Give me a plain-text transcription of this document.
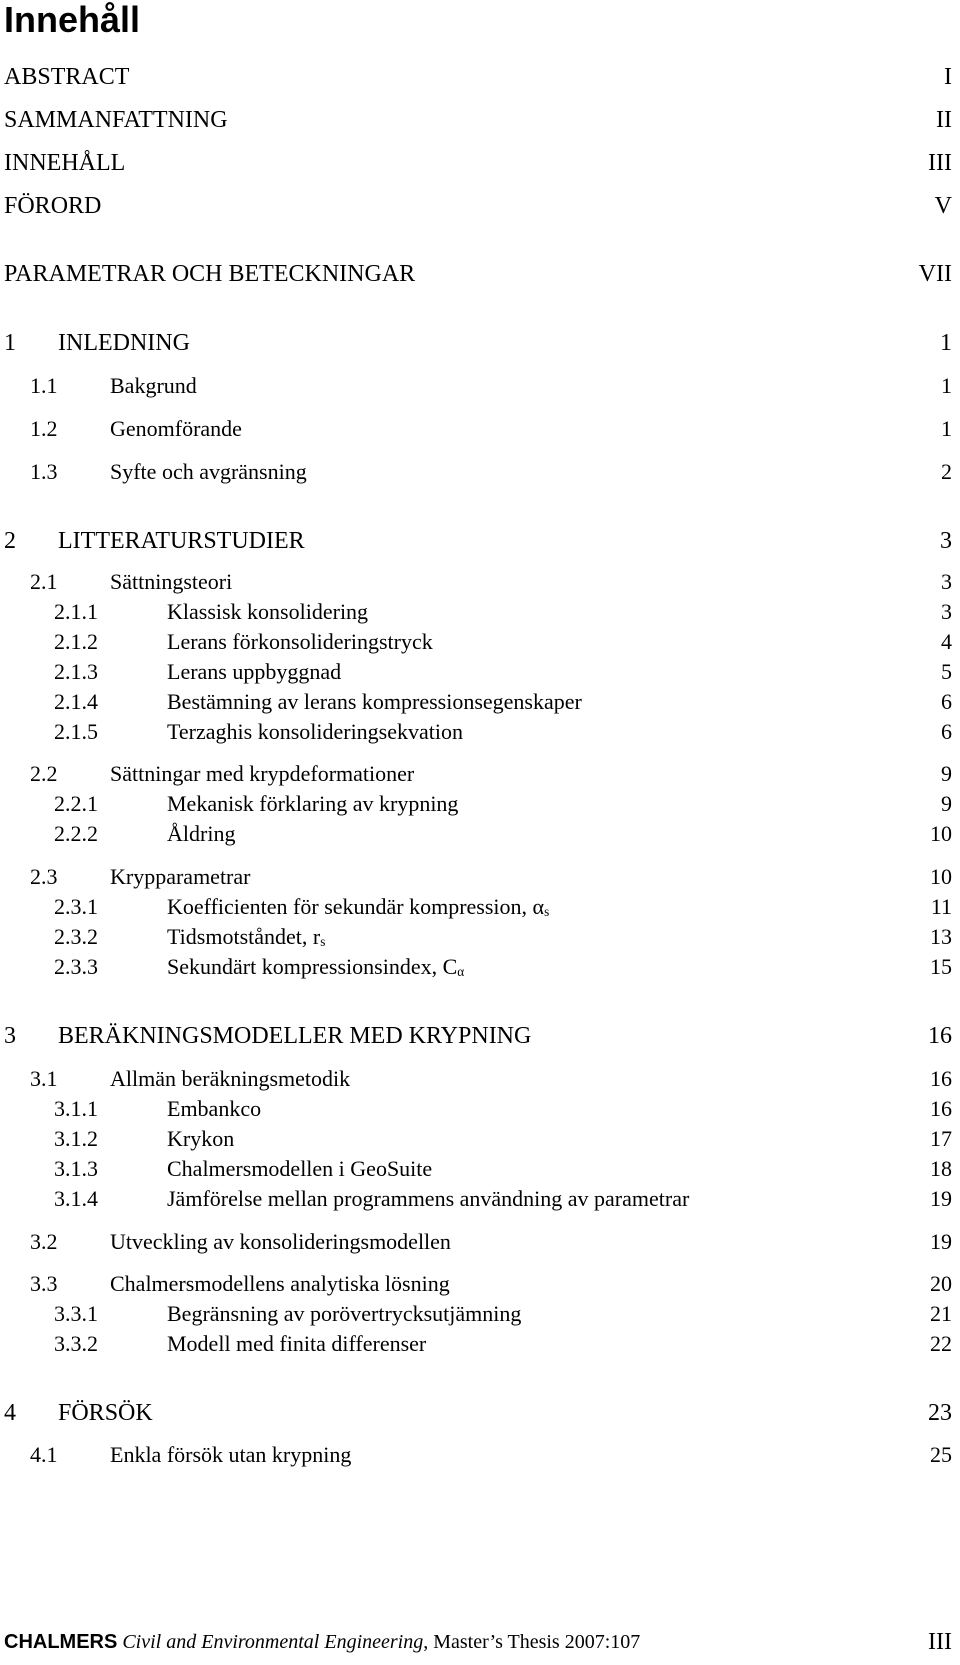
Innehåll
ABSTRACT	I
SAMMANFATTNING	II
INNEHÅLL	III
FÖRORD	V
PARAMETRAR OCH BETECKNINGAR	VII
1 INLEDNING	1
1.1 Bakgrund	1
1.2 Genomförande	1
1.3 Syfte och avgränsning	2
2 LITTERATURSTUDIER	3
2.1 Sättningsteori	3
2.1.1	Klassisk konsolidering	3
2.1.2	Lerans förkonsolideringstryck	4
2.1.3	Lerans uppbyggnad	5
2.1.4	Bestämning av lerans kompressionsegenskaper	6
2.1.5	Terzaghis konsolideringsekvation	6
2.2 Sättningar med krypdeformationer	9
2.2.1	Mekanisk förklaring av krypning	9
2.2.2	Åldring	10
2.3 Krypparametrar	10
2.3.1	Koefficienten för sekundär kompression, $\alpha_s$	11
2.3.2	Tidsmotståndet, $r_s$	13
2.3.3	Sekundärt kompressionsindex, $C_\alpha$	15
3 BERÄKNINGSMODELLER MED KRYPNING	16
3.1 Allmän beräkningsmetodik	16
3.1.1	Embankco	16
3.1.2	Krykon	17
3.1.3	Chalmersmodellen i GeoSuite	18
3.1.4	Jämförelse mellan programmens användning av parametrar	19
3.2 Utveckling av konsolideringsmodellen	19
3.3 Chalmersmodellens analytiska lösning	20
3.3.1	Begränsning av porövertrycksutjämning	21
3.3.2	Modell med finita differenser	22
4 FÖRSÖK	23
4.1 Enkla försök utan krypning	25
CHALMERS Civil and Environmental Engineering, Master’s Thesis 2007:107	III
